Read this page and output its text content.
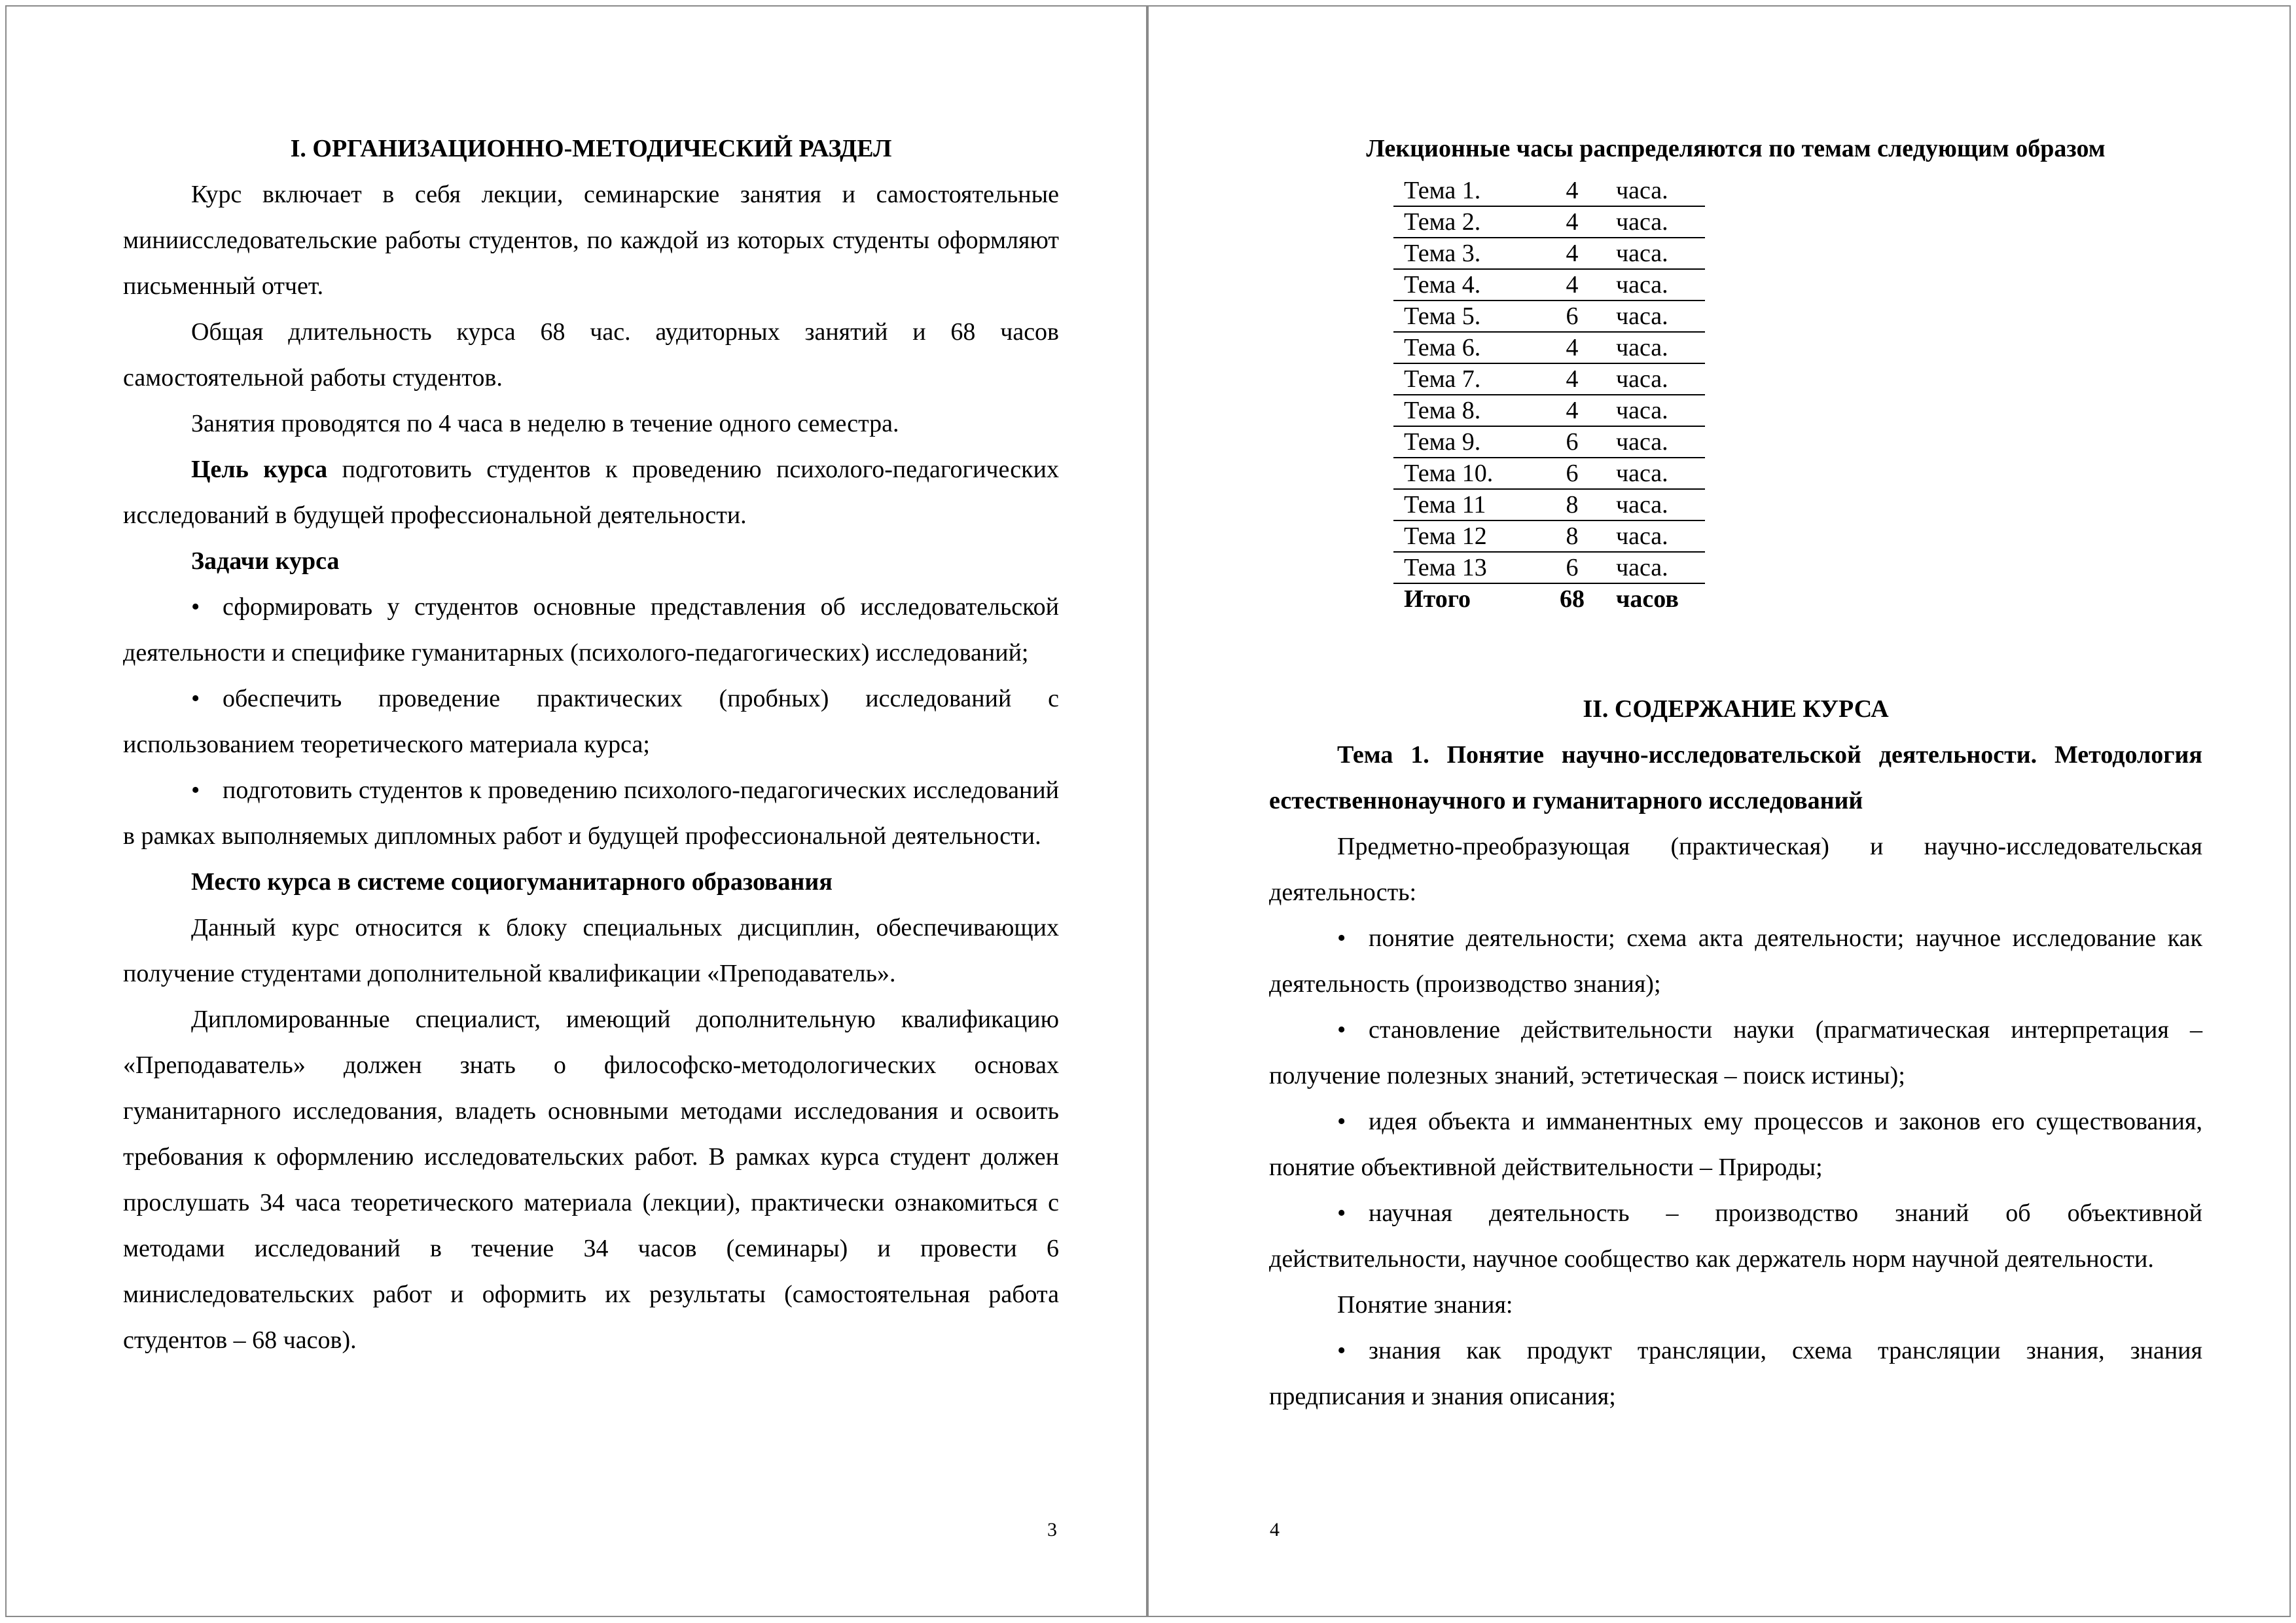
I. ОРГАНИЗАЦИОННО-МЕТОДИЧЕСКИЙ РАЗДЕЛ

Курс включает в себя лекции, семинарские занятия и самостоятельные миниисследовательские работы студентов, по каждой из которых студенты оформляют письменный отчет.

Общая длительность курса 68 час. аудиторных занятий и 68 часов самостоятельной работы студентов.

Занятия проводятся по 4 часа в неделю в течение одного семестра.

Цель курса подготовить студентов к проведению психолого-педагогических исследований в будущей профессиональной деятельности.

Задачи курса

• сформировать у студентов основные представления об исследовательской деятельности и специфике гуманитарных (психолого-педагогических) исследований;

• обеспечить проведение практических (пробных) исследований с использованием теоретического материала курса;

• подготовить студентов к проведению психолого-педагогических исследований в рамках выполняемых дипломных работ и будущей профессиональной деятельности.

Место курса в системе социогуманитарного образования

Данный курс относится к блоку специальных дисциплин, обеспечивающих получение студентами дополнительной квалификации «Преподаватель».

Дипломированные специалист, имеющий дополнительную квалификацию «Преподаватель» должен знать о философско-методологических основах гуманитарного исследования, владеть основными методами исследования и освоить требования к оформлению исследовательских работ. В рамках курса студент должен прослушать 34 часа теоретического материала (лекции), практически ознакомиться с методами исследований в течение 34 часов (семинары) и провести 6 миниследовательских работ и оформить их результаты (самостоятельная работа студентов – 68 часов).

3

Лекционные часы распределяются по темам следующим образом

Тема 1.	4	часа.
Тема 2.	4	часа.
Тема 3.	4	часа.
Тема 4.	4	часа.
Тема 5.	6	часа.
Тема 6.	4	часа.
Тема 7.	4	часа.
Тема 8.	4	часа.
Тема 9.	6	часа.
Тема 10.	6	часа.
Тема 11	8	часа.
Тема 12	8	часа.
Тема 13	6	часа.
Итого	68	часов

II. СОДЕРЖАНИЕ КУРСА

Тема 1. Понятие научно-исследовательской деятельности. Методология естественнонаучного и гуманитарного исследований

Предметно-преобразующая (практическая) и научно-исследовательская деятельность:

• понятие деятельности; схема акта деятельности; научное исследование как деятельность (производство знания);

• становление действительности науки (прагматическая интерпретация – получение полезных знаний, эстетическая – поиск истины);

• идея объекта и имманентных ему процессов и законов его существования, понятие объективной действительности – Природы;

• научная деятельность – производство знаний об объективной действительности, научное сообщество как держатель норм научной деятельности.

Понятие знания:

• знания как продукт трансляции, схема трансляции знания, знания предписания и знания описания;

4
